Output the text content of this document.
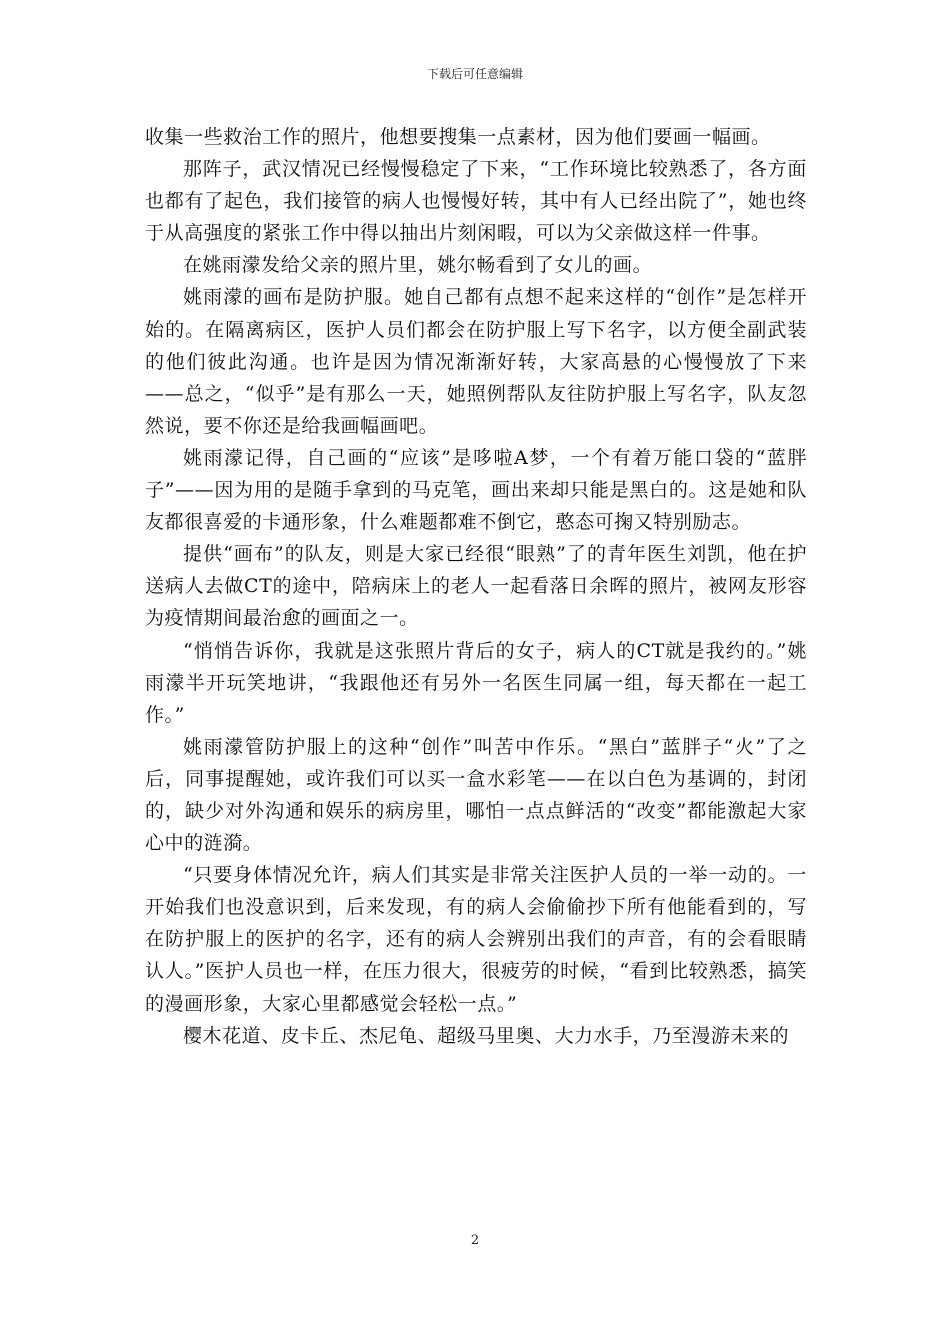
下载后可任意编辑

收集一些救治工作的照片，他想要搜集一点素材，因为他们要画一幅画。

那阵子，武汉情况已经慢慢稳定了下来，“工作环境比较熟悉了，各方面也都有了起色，我们接管的病人也慢慢好转，其中有人已经出院了”，她也终于从高强度的紧张工作中得以抽出片刻闲暇，可以为父亲做这样一件事。

在姚雨濛发给父亲的照片里，姚尔畅看到了女儿的画。

姚雨濛的画布是防护服。她自己都有点想不起来这样的“创作”是怎样开始的。在隔离病区，医护人员们都会在防护服上写下名字，以方便全副武装的他们彼此沟通。也许是因为情况渐渐好转，大家高悬的心慢慢放了下来——总之，“似乎”是有那么一天，她照例帮队友往防护服上写名字，队友忽然说，要不你还是给我画幅画吧。

姚雨濛记得，自己画的“应该”是哆啦A梦，一个有着万能口袋的“蓝胖子”——因为用的是随手拿到的马克笔，画出来却只能是黑白的。这是她和队友都很喜爱的卡通形象，什么难题都难不倒它，憨态可掬又特别励志。

提供“画布”的队友，则是大家已经很“眼熟”了的青年医生刘凯，他在护送病人去做CT的途中，陪病床上的老人一起看落日余晖的照片，被网友形容为疫情期间最治愈的画面之一。

“悄悄告诉你，我就是这张照片背后的女子，病人的CT就是我约的。”姚雨濛半开玩笑地讲，“我跟他还有另外一名医生同属一组，每天都在一起工作。”

姚雨濛管防护服上的这种“创作”叫苦中作乐。“黑白”蓝胖子“火”了之后，同事提醒她，或许我们可以买一盒水彩笔——在以白色为基调的，封闭的，缺少对外沟通和娱乐的病房里，哪怕一点点鲜活的“改变”都能激起大家心中的涟漪。

“只要身体情况允许，病人们其实是非常关注医护人员的一举一动的。一开始我们也没意识到，后来发现，有的病人会偷偷抄下所有他能看到的，写在防护服上的医护的名字，还有的病人会辨别出我们的声音，有的会看眼睛认人。”医护人员也一样，在压力很大，很疲劳的时候，“看到比较熟悉，搞笑的漫画形象，大家心里都感觉会轻松一点。”

樱木花道、皮卡丘、杰尼龟、超级马里奥、大力水手，乃至漫游未来的

2
